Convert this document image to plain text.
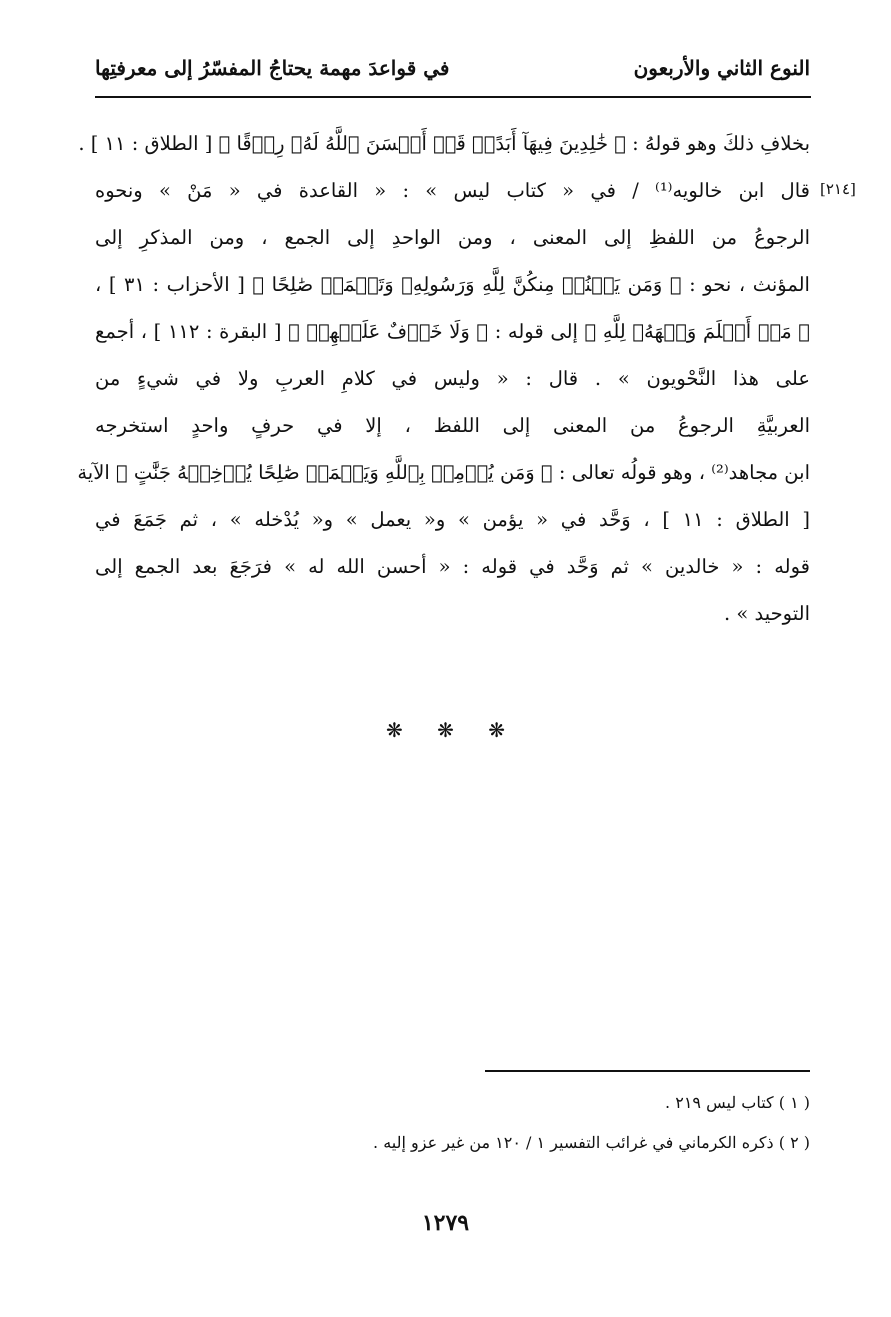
النوع الثاني والأربعون
في قواعدَ مهمة يحتاجُ المفسّرُ إلى معرفتِها
[٢١٤]
بخلافِ ذلكَ وهو قولهُ : ﴿ خَٰلِدِينَ فِيهَآ أَبَدًاۖ قَدۡ أَحۡسَنَ ٱللَّهُ لَهُۥ رِزۡقًا ﴾ [ الطلاق : ١١ ] .
قال ابن خالويه⁽¹⁾ / في « كتاب ليس » : « القاعدة في « مَنْ » ونحوه
الرجوعُ من اللفظِ إلى المعنى ، ومن الواحدِ إلى الجمع ، ومن المذكرِ إلى
المؤنث ، نحو : ﴿ وَمَن يَقۡنُتۡ مِنكُنَّ لِلَّهِ وَرَسُولِهِۦ وَتَعۡمَلۡ صَٰلِحًا ﴾ [ الأحزاب : ٣١ ] ،
﴿ مَنۡ أَسۡلَمَ وَجۡهَهُۥ لِلَّهِ ﴾ إلى قوله : ﴿ وَلَا خَوۡفٌ عَلَيۡهِمۡ ﴾ [ البقرة : ١١٢ ] ، أجمع
على هذا النَّحْويون » . قال : « وليس في كلامِ العربِ ولا في شيءٍ من
العربيَّةِ الرجوعُ من المعنى إلى اللفظ ، إلا في حرفٍ واحدٍ استخرجه
ابن مجاهد⁽²⁾ ، وهو قولُه تعالى : ﴿ وَمَن يُؤۡمِنۢ بِٱللَّهِ وَيَعۡمَلۡ صَٰلِحًا يُدۡخِلۡهُ جَنَّٰتٍ ﴾ الآية
[ الطلاق : ١١ ] ، وَحَّد في « يؤمن » و« يعمل » و« يُدْخله » ، ثم جَمَعَ في
قوله : « خالدين » ثم وَحَّد في قوله : « أحسن الله له » فرَجَعَ بعد الجمع إلى
التوحيد » .
❋ ❋ ❋
( ١ ) كتاب ليس ٢١٩ .
( ٢ ) ذكره الكرماني في غرائب التفسير ١ / ١٢٠ من غير عزو إليه .
١٢٧٩
